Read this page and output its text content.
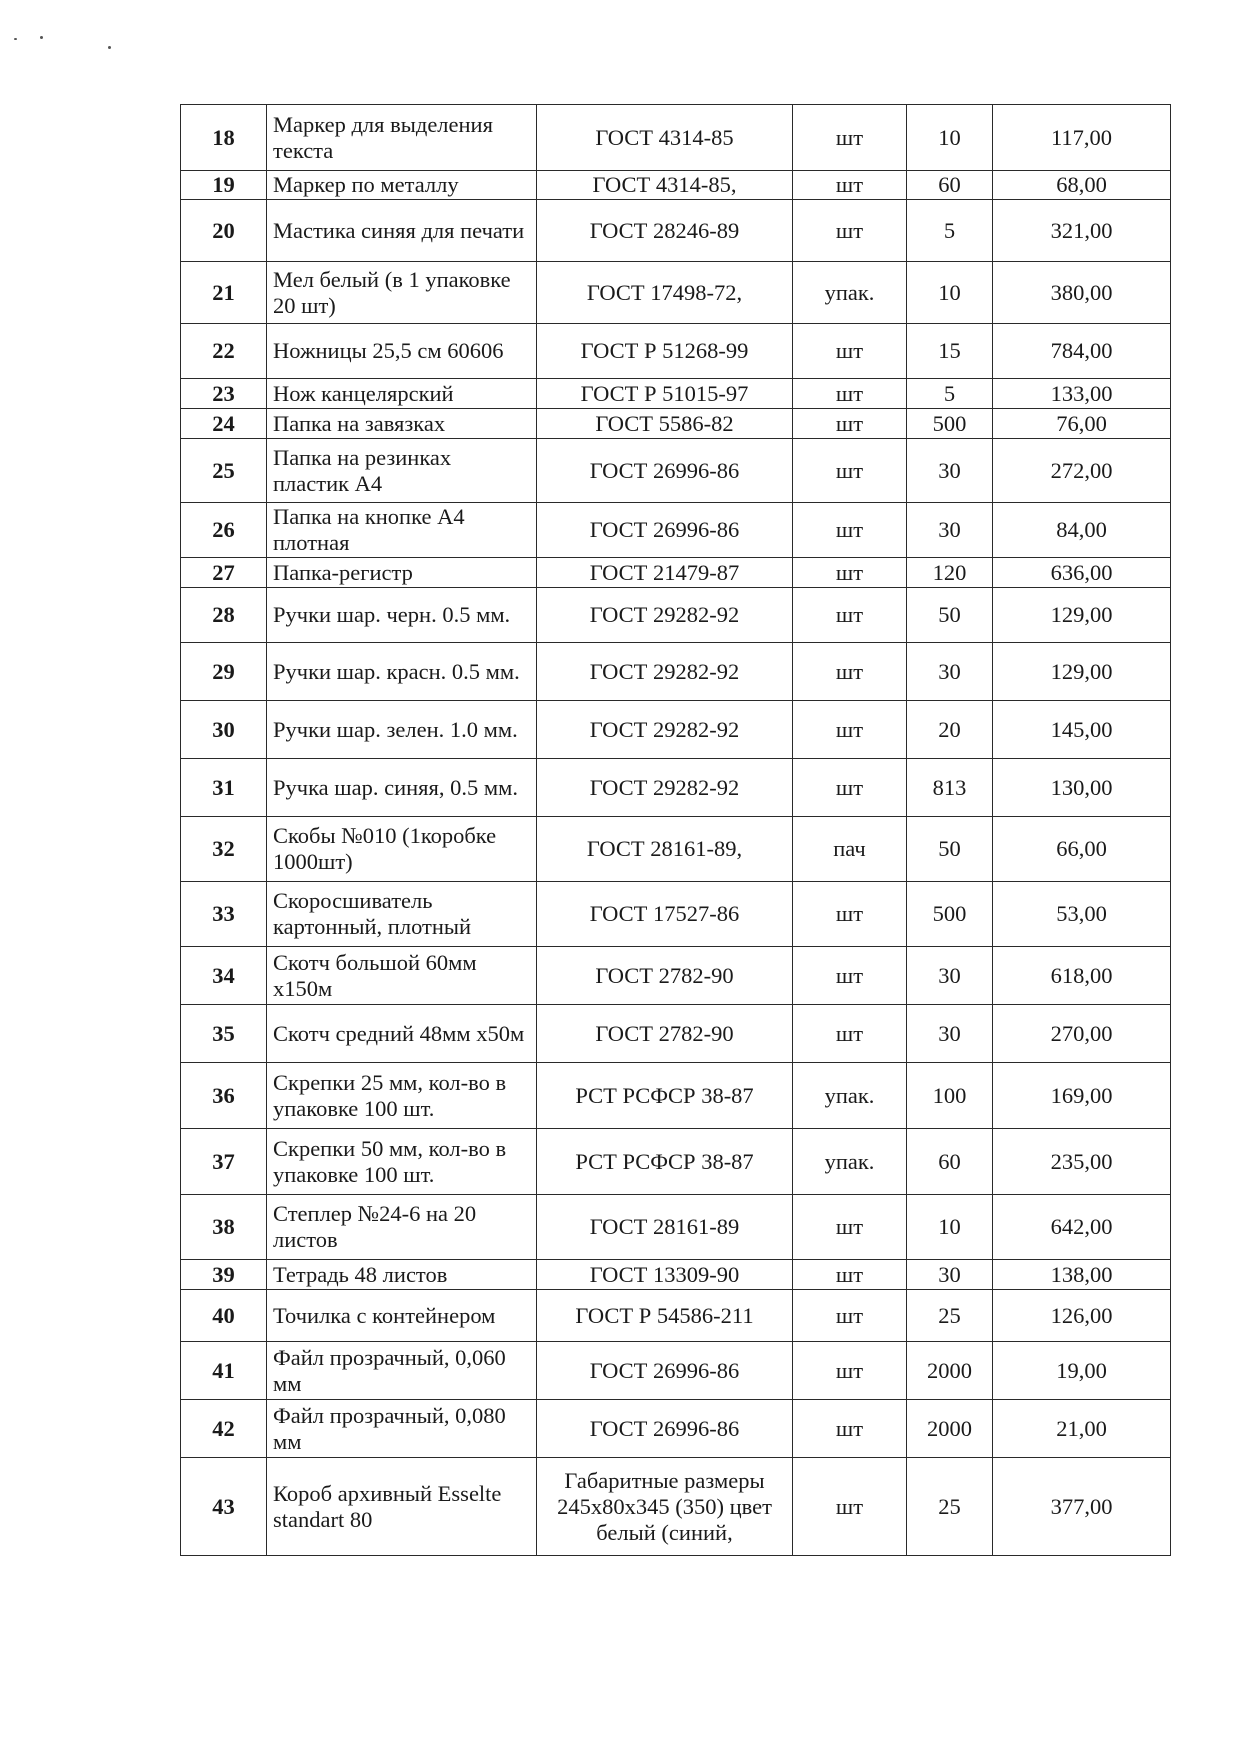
18	Маркер для выделения текста	ГОСТ 4314-85	шт	10	117,00
19	Маркер по металлу	ГОСТ 4314-85,	шт	60	68,00
20	Мастика синяя для печати	ГОСТ 28246-89	шт	5	321,00
21	Мел белый (в 1 упаковке 20 шт)	ГОСТ 17498-72,	упак.	10	380,00
22	Ножницы 25,5 см 60606	ГОСТ Р 51268-99	шт	15	784,00
23	Нож канцелярский	ГОСТ Р 51015-97	шт	5	133,00
24	Папка на завязках	ГОСТ 5586-82	шт	500	76,00
25	Папка на резинках пластик А4	ГОСТ 26996-86	шт	30	272,00
26	Папка на кнопке А4 плотная	ГОСТ 26996-86	шт	30	84,00
27	Папка-регистр	ГОСТ 21479-87	шт	120	636,00
28	Ручки шар. черн. 0.5 мм.	ГОСТ 29282-92	шт	50	129,00
29	Ручки шар. красн. 0.5 мм.	ГОСТ 29282-92	шт	30	129,00
30	Ручки шар. зелен. 1.0 мм.	ГОСТ 29282-92	шт	20	145,00
31	Ручка шар. синяя, 0.5 мм.	ГОСТ 29282-92	шт	813	130,00
32	Скобы №010 (1коробке 1000шт)	ГОСТ 28161-89,	пач	50	66,00
33	Скоросшиватель картонный, плотный	ГОСТ 17527-86	шт	500	53,00
34	Скотч большой 60мм х150м	ГОСТ 2782-90	шт	30	618,00
35	Скотч средний 48мм х50м	ГОСТ 2782-90	шт	30	270,00
36	Скрепки 25 мм, кол-во в упаковке 100 шт.	РСТ РСФСР 38-87	упак.	100	169,00
37	Скрепки 50 мм, кол-во в упаковке 100 шт.	РСТ РСФСР 38-87	упак.	60	235,00
38	Степлер №24-6 на 20 листов	ГОСТ 28161-89	шт	10	642,00
39	Тетрадь 48 листов	ГОСТ 13309-90	шт	30	138,00
40	Точилка с контейнером	ГОСТ Р 54586-211	шт	25	126,00
41	Файл прозрачный, 0,060 мм	ГОСТ 26996-86	шт	2000	19,00
42	Файл прозрачный, 0,080 мм	ГОСТ 26996-86	шт	2000	21,00
43	Короб архивный Esselte standart 80	Габаритные размеры 245х80х345 (350) цвет белый (синий,	шт	25	377,00
